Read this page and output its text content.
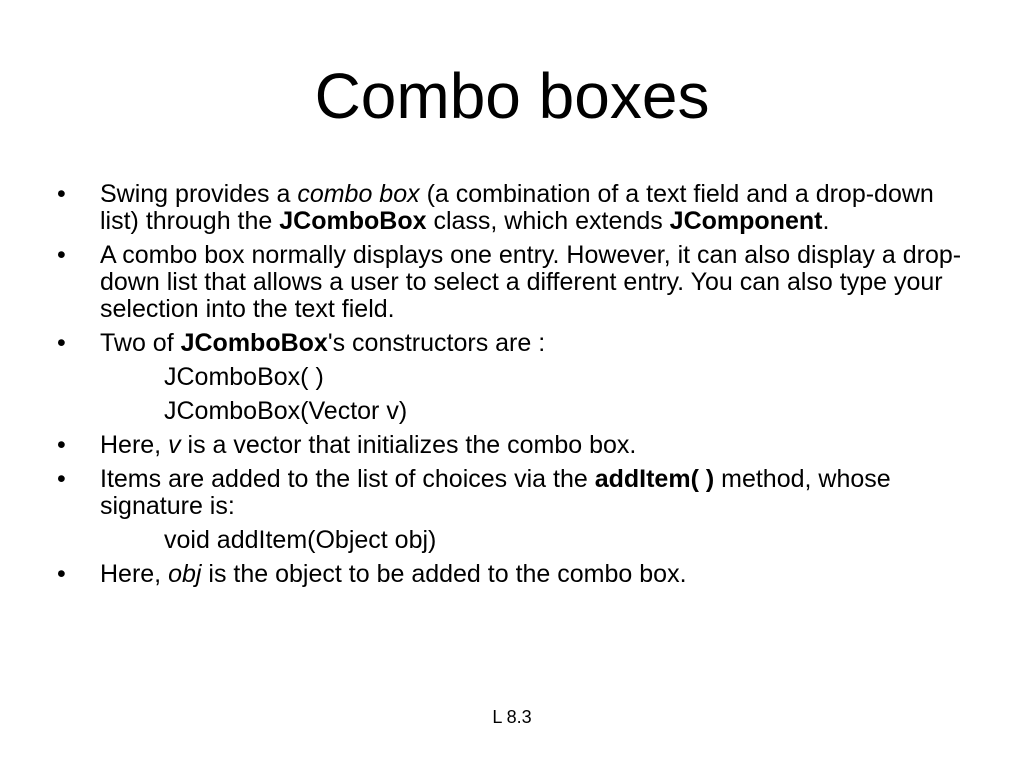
Combo boxes
• Swing provides a combo box (a combination of a text field and a drop-down list) through the JComboBox class, which extends JComponent.
• A combo box normally displays one entry. However, it can also display a drop-down list that allows a user to select a different entry. You can also type your selection into the text field.
• Two of JComboBox's constructors are :
JComboBox( )
JComboBox(Vector v)
• Here, v is a vector that initializes the combo box.
• Items are added to the list of choices via the addItem( ) method, whose signature is:
void addItem(Object obj)
• Here, obj is the object to be added to the combo box.
L 8.3
